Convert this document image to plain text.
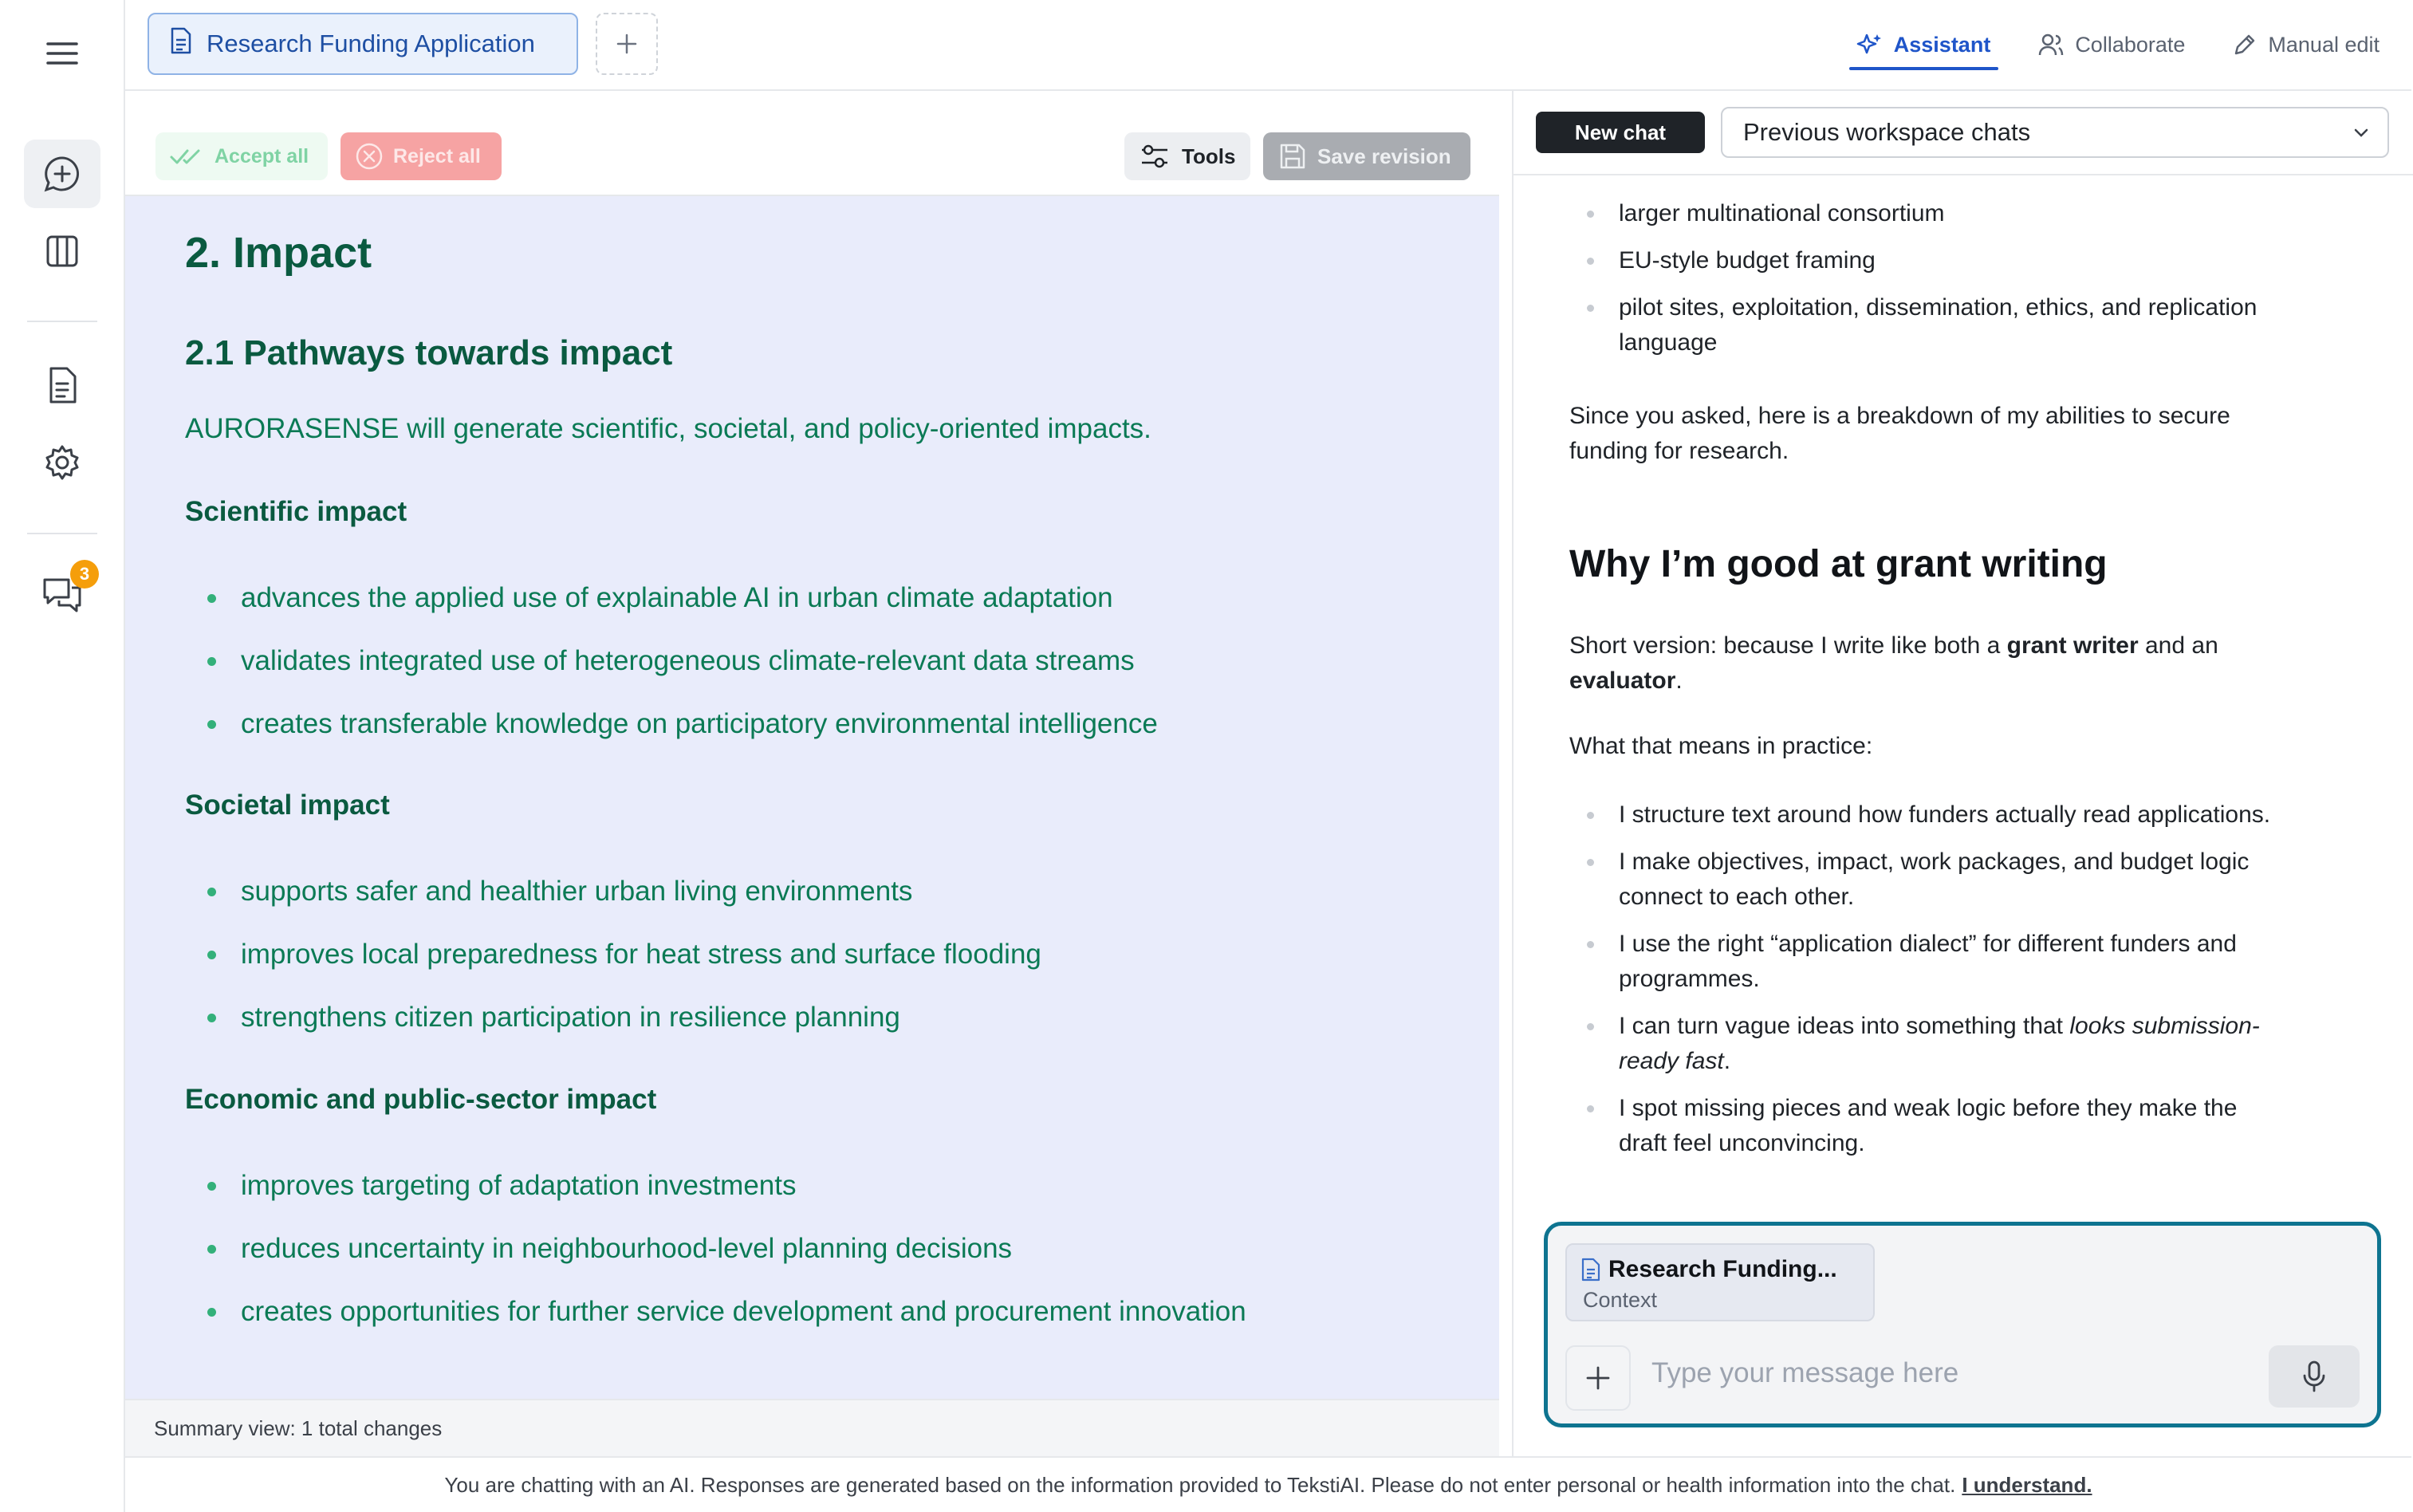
3
Research Funding Application	Assistant	Collaborate	Manual edit
Accept all	Reject all	Tools	Save revision
2. Impact
2.1 Pathways towards impact
AURORASENSE will generate scientific, societal, and policy-oriented impacts.
Scientific impact
advances the applied use of explainable AI in urban climate adaptation
validates integrated use of heterogeneous climate-relevant data streams
creates transferable knowledge on participatory environmental intelligence
Societal impact
supports safer and healthier urban living environments
improves local preparedness for heat stress and surface flooding
strengthens citizen participation in resilience planning
Economic and public-sector impact
improves targeting of adaptation investments
reduces uncertainty in neighbourhood-level planning decisions
creates opportunities for further service development and procurement innovation
Summary view: 1 total changes
New chat	Previous workspace chats
larger multinational consortium
EU-style budget framing
pilot sites, exploitation, dissemination, ethics, and replication language

Since you asked, here is a breakdown of my abilities to secure funding for research.

Why I’m good at grant writing

Short version: because I write like both a grant writer and an evaluator.

What that means in practice:

I structure text around how funders actually read applications.
I make objectives, impact, work packages, and budget logic connect to each other.
I use the right “application dialect” for different funders and programmes.
I can turn vague ideas into something that looks submission-ready fast.
I spot missing pieces and weak logic before they make the draft feel unconvincing.
Research Funding...
Context
Type your message here
You are chatting with an AI. Responses are generated based on the information provided to TekstiAI. Please do not enter personal or health information into the chat. I understand.
